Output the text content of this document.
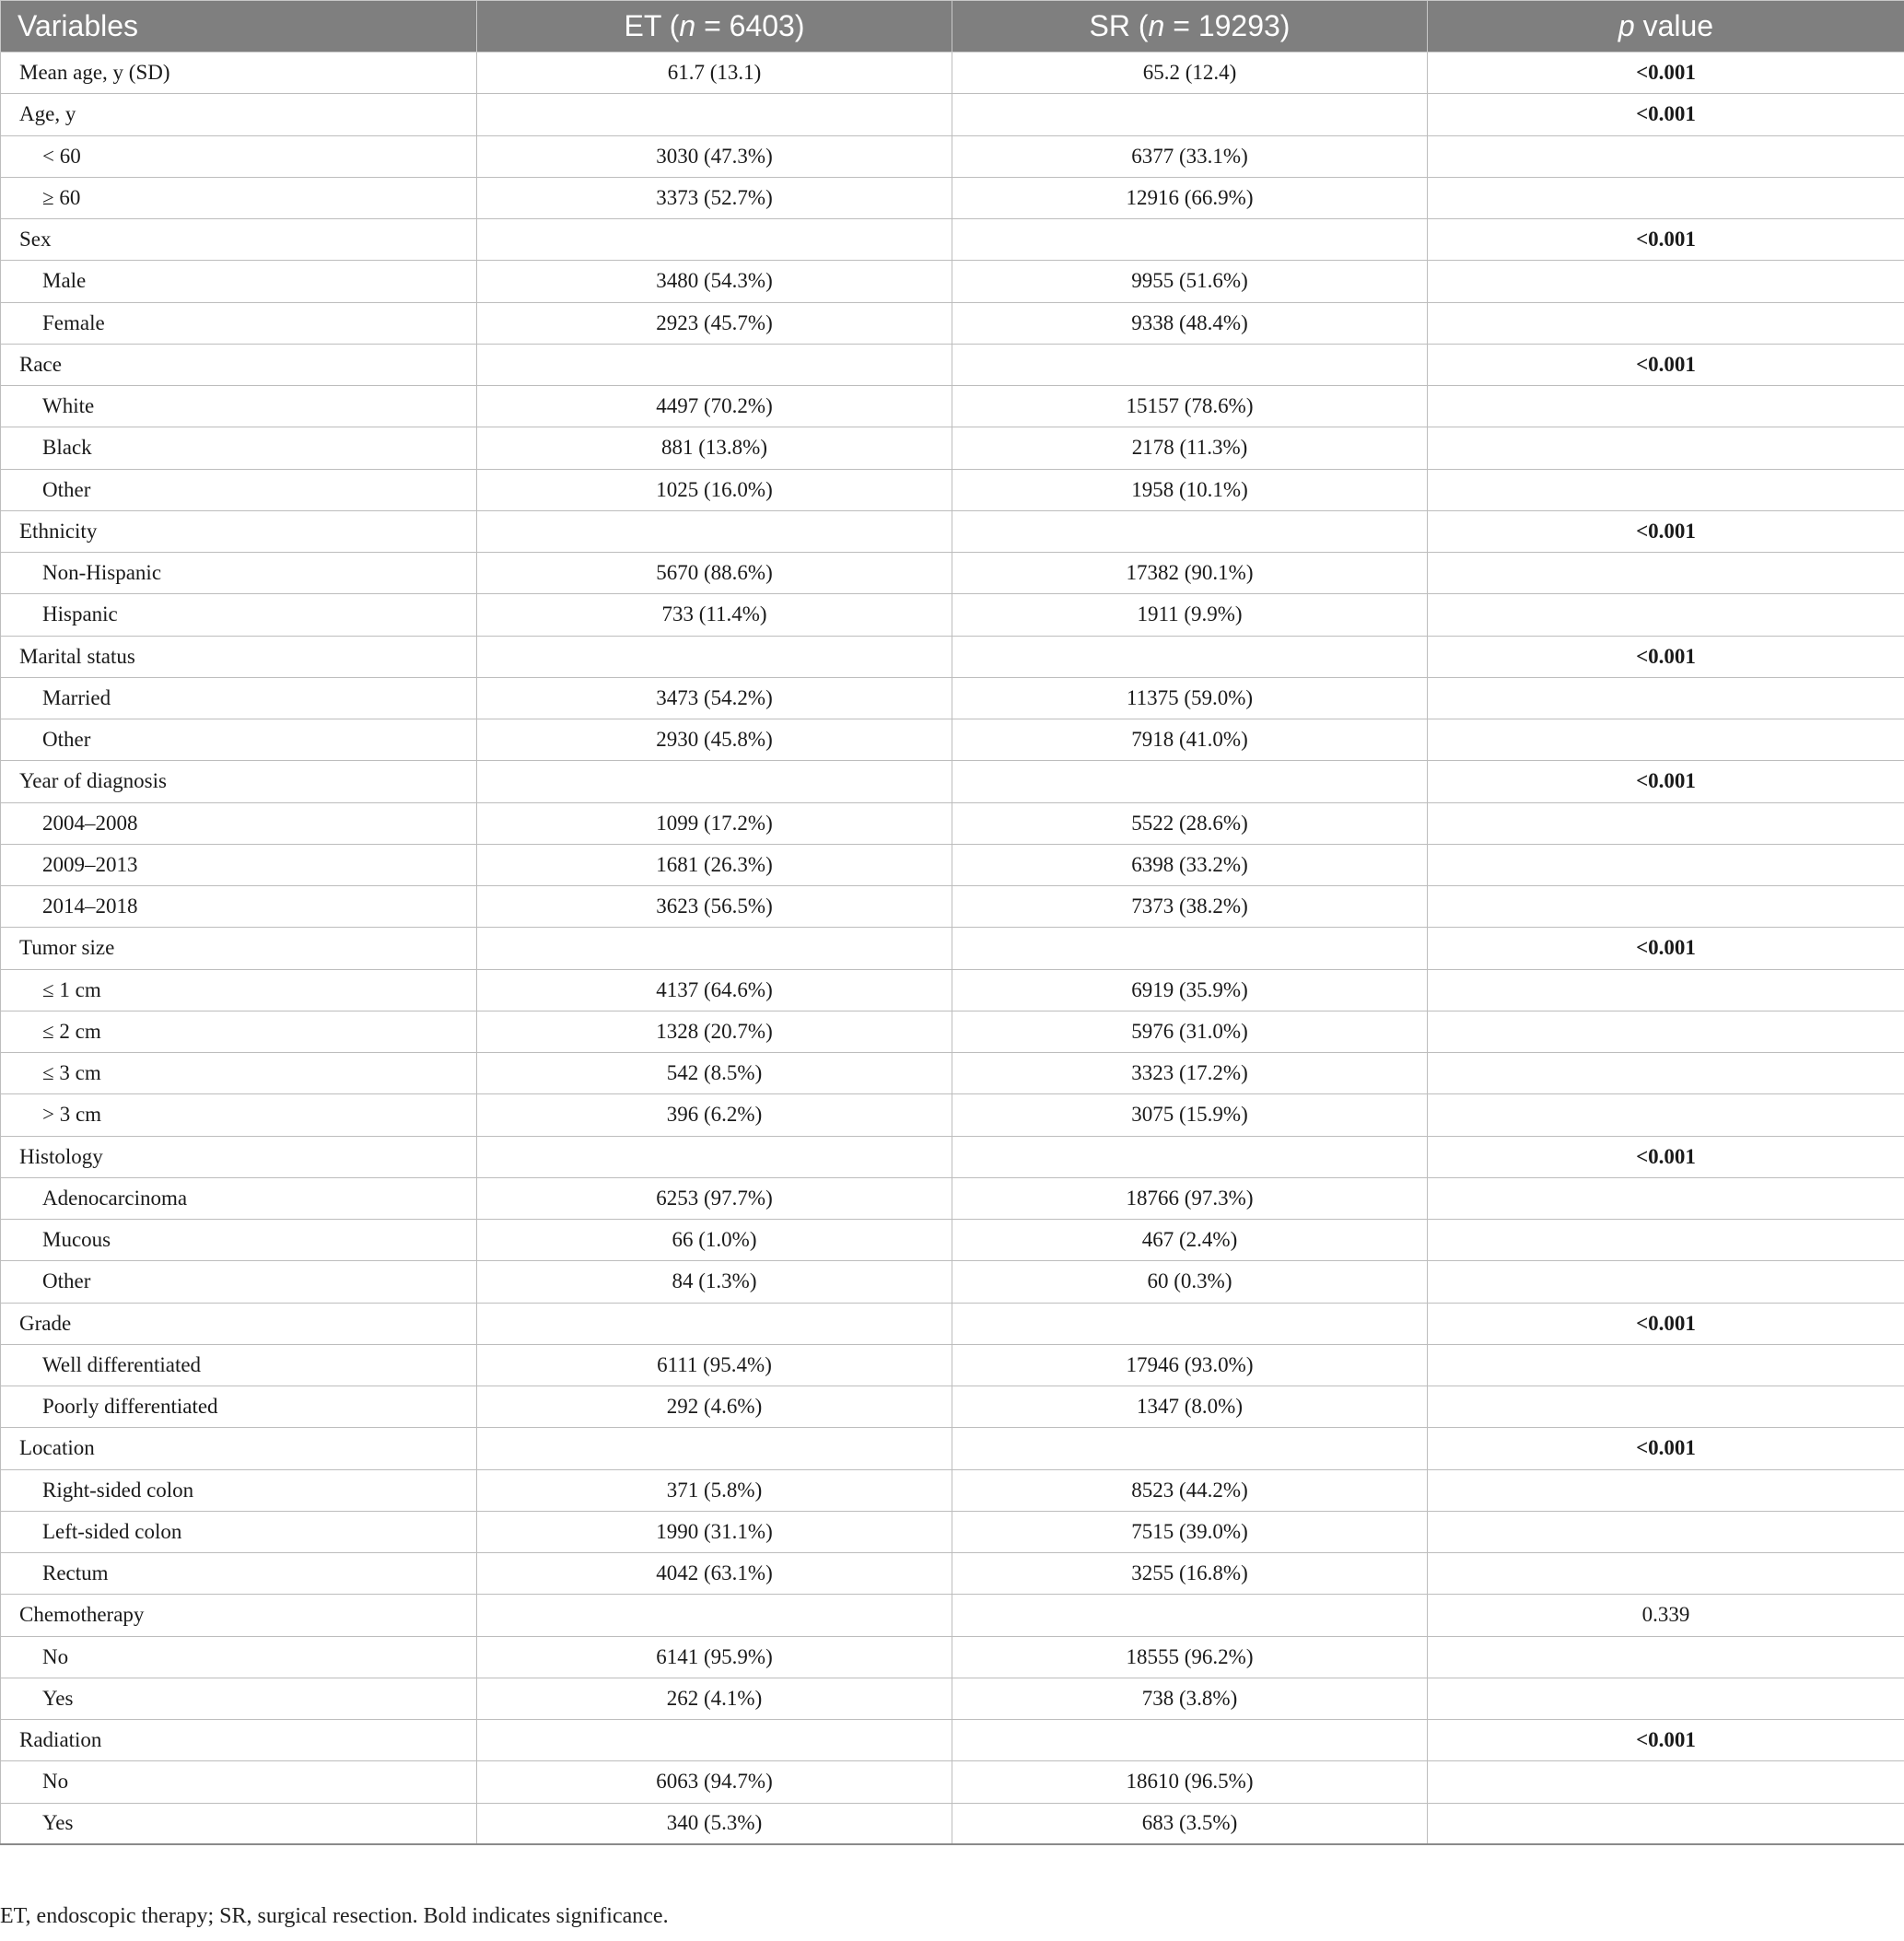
Variables	ET (n = 6403)	SR (n = 19293)	p value
Mean age, y (SD)	61.7 (13.1)	65.2 (12.4)	<0.001
Age, y			<0.001
< 60	3030 (47.3%)	6377 (33.1%)	
≥ 60	3373 (52.7%)	12916 (66.9%)	
Sex			<0.001
Male	3480 (54.3%)	9955 (51.6%)	
Female	2923 (45.7%)	9338 (48.4%)	
Race			<0.001
White	4497 (70.2%)	15157 (78.6%)	
Black	881 (13.8%)	2178 (11.3%)	
Other	1025 (16.0%)	1958 (10.1%)	
Ethnicity			<0.001
Non-Hispanic	5670 (88.6%)	17382 (90.1%)	
Hispanic	733 (11.4%)	1911 (9.9%)	
Marital status			<0.001
Married	3473 (54.2%)	11375 (59.0%)	
Other	2930 (45.8%)	7918 (41.0%)	
Year of diagnosis			<0.001
2004–2008	1099 (17.2%)	5522 (28.6%)	
2009–2013	1681 (26.3%)	6398 (33.2%)	
2014–2018	3623 (56.5%)	7373 (38.2%)	
Tumor size			<0.001
≤ 1 cm	4137 (64.6%)	6919 (35.9%)	
≤ 2 cm	1328 (20.7%)	5976 (31.0%)	
≤ 3 cm	542 (8.5%)	3323 (17.2%)	
> 3 cm	396 (6.2%)	3075 (15.9%)	
Histology			<0.001
Adenocarcinoma	6253 (97.7%)	18766 (97.3%)	
Mucous	66 (1.0%)	467 (2.4%)	
Other	84 (1.3%)	60 (0.3%)	
Grade			<0.001
Well differentiated	6111 (95.4%)	17946 (93.0%)	
Poorly differentiated	292 (4.6%)	1347 (8.0%)	
Location			<0.001
Right-sided colon	371 (5.8%)	8523 (44.2%)	
Left-sided colon	1990 (31.1%)	7515 (39.0%)	
Rectum	4042 (63.1%)	3255 (16.8%)	
Chemotherapy			0.339
No	6141 (95.9%)	18555 (96.2%)	
Yes	262 (4.1%)	738 (3.8%)	
Radiation			<0.001
No	6063 (94.7%)	18610 (96.5%)	
Yes	340 (5.3%)	683 (3.5%)	

ET, endoscopic therapy; SR, surgical resection. Bold indicates significance.
